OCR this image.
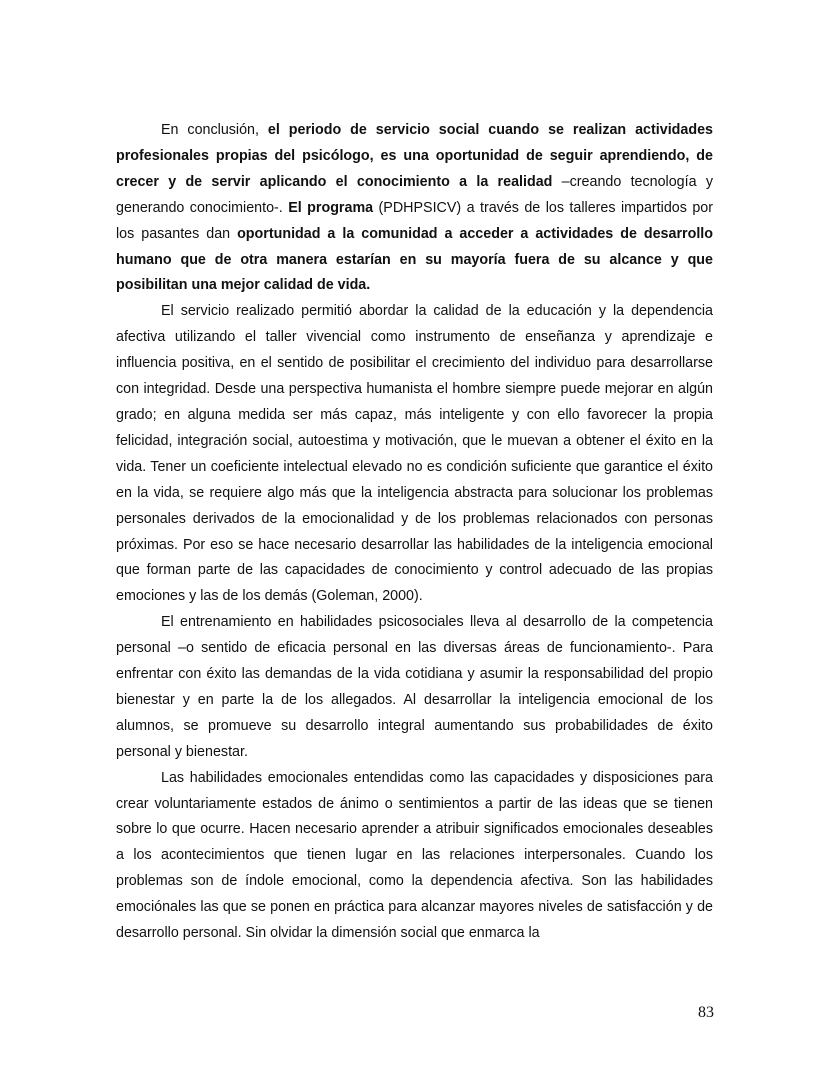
En conclusión, el periodo de servicio social cuando se realizan actividades profesionales propias del psicólogo, es una oportunidad de seguir aprendiendo, de crecer y de servir aplicando el conocimiento a la realidad –creando tecnología y generando conocimiento-. El programa (PDHPSICV) a través de los talleres impartidos por los pasantes dan oportunidad a la comunidad a acceder a actividades de desarrollo humano que de otra manera estarían en su mayoría fuera de su alcance y que posibilitan una mejor calidad de vida.

El servicio realizado permitió abordar la calidad de la educación y la dependencia afectiva utilizando el taller vivencial como instrumento de enseñanza y aprendizaje e influencia positiva, en el sentido de posibilitar el crecimiento del individuo para desarrollarse con integridad. Desde una perspectiva humanista el hombre siempre puede mejorar en algún grado; en alguna medida ser más capaz, más inteligente y con ello favorecer la propia felicidad, integración social, autoestima y motivación, que le muevan a obtener el éxito en la vida. Tener un coeficiente intelectual elevado no es condición suficiente que garantice el éxito en la vida, se requiere algo más que la inteligencia abstracta para solucionar los problemas personales derivados de la emocionalidad y de los problemas relacionados con personas próximas. Por eso se hace necesario desarrollar las habilidades de la inteligencia emocional que forman parte de las capacidades de conocimiento y control adecuado de las propias emociones y las de los demás (Goleman, 2000).

El entrenamiento en habilidades psicosociales lleva al desarrollo de la competencia personal –o sentido de eficacia personal en las diversas áreas de funcionamiento-. Para enfrentar con éxito las demandas de la vida cotidiana y asumir la responsabilidad del propio bienestar y en parte la de los allegados. Al desarrollar la inteligencia emocional de los alumnos, se promueve su desarrollo integral aumentando sus probabilidades de éxito personal y bienestar.

Las habilidades emocionales entendidas como las capacidades y disposiciones para crear voluntariamente estados de ánimo o sentimientos a partir de las ideas que se tienen sobre lo que ocurre. Hacen necesario aprender a atribuir significados emocionales deseables a los acontecimientos que tienen lugar en las relaciones interpersonales. Cuando los problemas son de índole emocional, como la dependencia afectiva. Son las habilidades emociónales las que se ponen en práctica para alcanzar mayores niveles de satisfacción y de desarrollo personal. Sin olvidar la dimensión social que enmarca la

83
